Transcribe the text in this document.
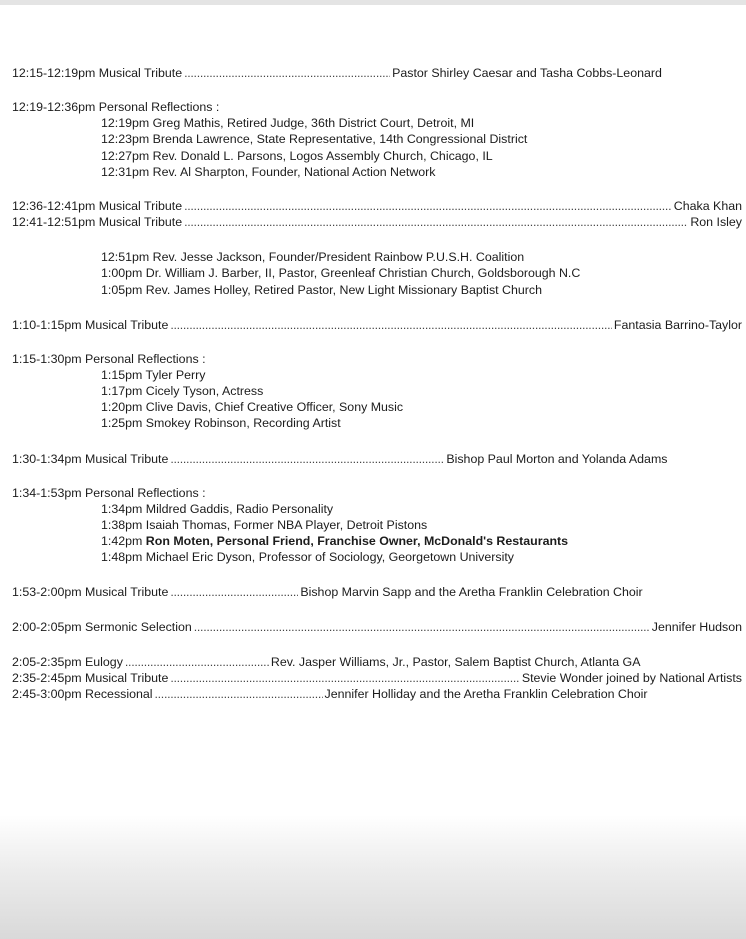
12:15-12:19pm Musical Tribute .....	Pastor Shirley Caesar and Tasha Cobbs-Leonard
12:19-12:36pm Personal Reflections :
12:19pm Greg Mathis, Retired Judge, 36th District Court, Detroit, MI
12:23pm Brenda Lawrence, State Representative, 14th Congressional District
12:27pm Rev. Donald L. Parsons, Logos Assembly Church, Chicago, IL
12:31pm Rev. Al Sharpton, Founder, National Action Network
12:36-12:41pm Musical Tribute .....	Chaka Khan
12:41-12:51pm Musical Tribute .....	Ron Isley
12:51pm Rev. Jesse Jackson, Founder/President Rainbow P.U.S.H. Coalition
1:00pm Dr. William J. Barber, II, Pastor, Greenleaf Christian Church, Goldsborough N.C
1:05pm Rev. James Holley, Retired Pastor, New Light Missionary Baptist Church
1:10-1:15pm Musical Tribute .....	Fantasia Barrino-Taylor
1:15-1:30pm Personal Reflections :
1:15pm Tyler Perry
1:17pm Cicely Tyson, Actress
1:20pm Clive Davis, Chief Creative Officer, Sony Music
1:25pm Smokey Robinson, Recording Artist
1:30-1:34pm Musical Tribute .....	Bishop Paul Morton and Yolanda Adams
1:34-1:53pm Personal Reflections :
1:34pm Mildred Gaddis, Radio Personality
1:38pm Isaiah Thomas, Former NBA Player, Detroit Pistons
1:42pm Ron Moten, Personal Friend, Franchise Owner, McDonald's Restaurants
1:48pm Michael Eric Dyson, Professor of Sociology, Georgetown University
1:53-2:00pm Musical Tribute .....	Bishop Marvin Sapp and the Aretha Franklin Celebration Choir
2:00-2:05pm Sermonic Selection .....	Jennifer Hudson
2:05-2:35pm Eulogy .....	Rev. Jasper Williams, Jr., Pastor, Salem Baptist Church, Atlanta GA
2:35-2:45pm Musical Tribute .....	Stevie Wonder joined by National Artists
2:45-3:00pm Recessional .....	Jennifer Holliday and the Aretha Franklin Celebration Choir
